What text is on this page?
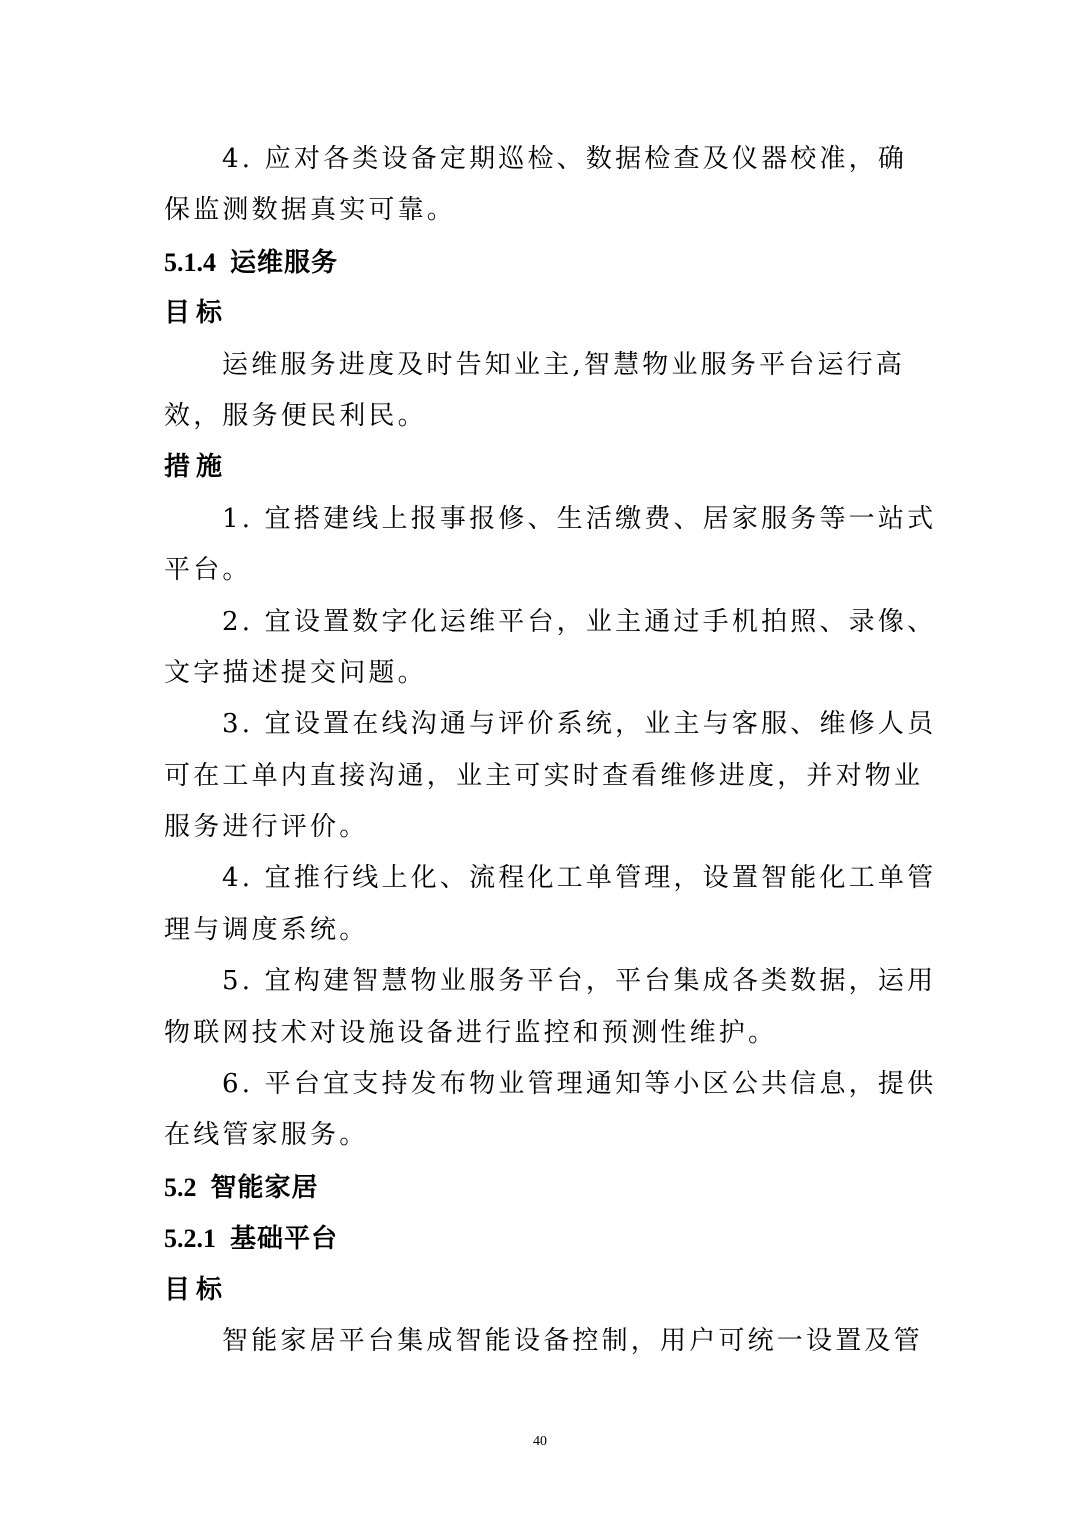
4. 应对各类设备定期巡检、数据检查及仪器校准，确
保监测数据真实可靠。
5.1.4 运维服务
目标
运维服务进度及时告知业主,智慧物业服务平台运行高
效，服务便民利民。
措施
1. 宜搭建线上报事报修、生活缴费、居家服务等一站式
平台。
2. 宜设置数字化运维平台，业主通过手机拍照、录像、
文字描述提交问题。
3. 宜设置在线沟通与评价系统，业主与客服、维修人员
可在工单内直接沟通，业主可实时查看维修进度，并对物业
服务进行评价。
4. 宜推行线上化、流程化工单管理，设置智能化工单管
理与调度系统。
5. 宜构建智慧物业服务平台，平台集成各类数据，运用
物联网技术对设施设备进行监控和预测性维护。
6. 平台宜支持发布物业管理通知等小区公共信息，提供
在线管家服务。
5.2 智能家居
5.2.1 基础平台
目标
智能家居平台集成智能设备控制，用户可统一设置及管
40
